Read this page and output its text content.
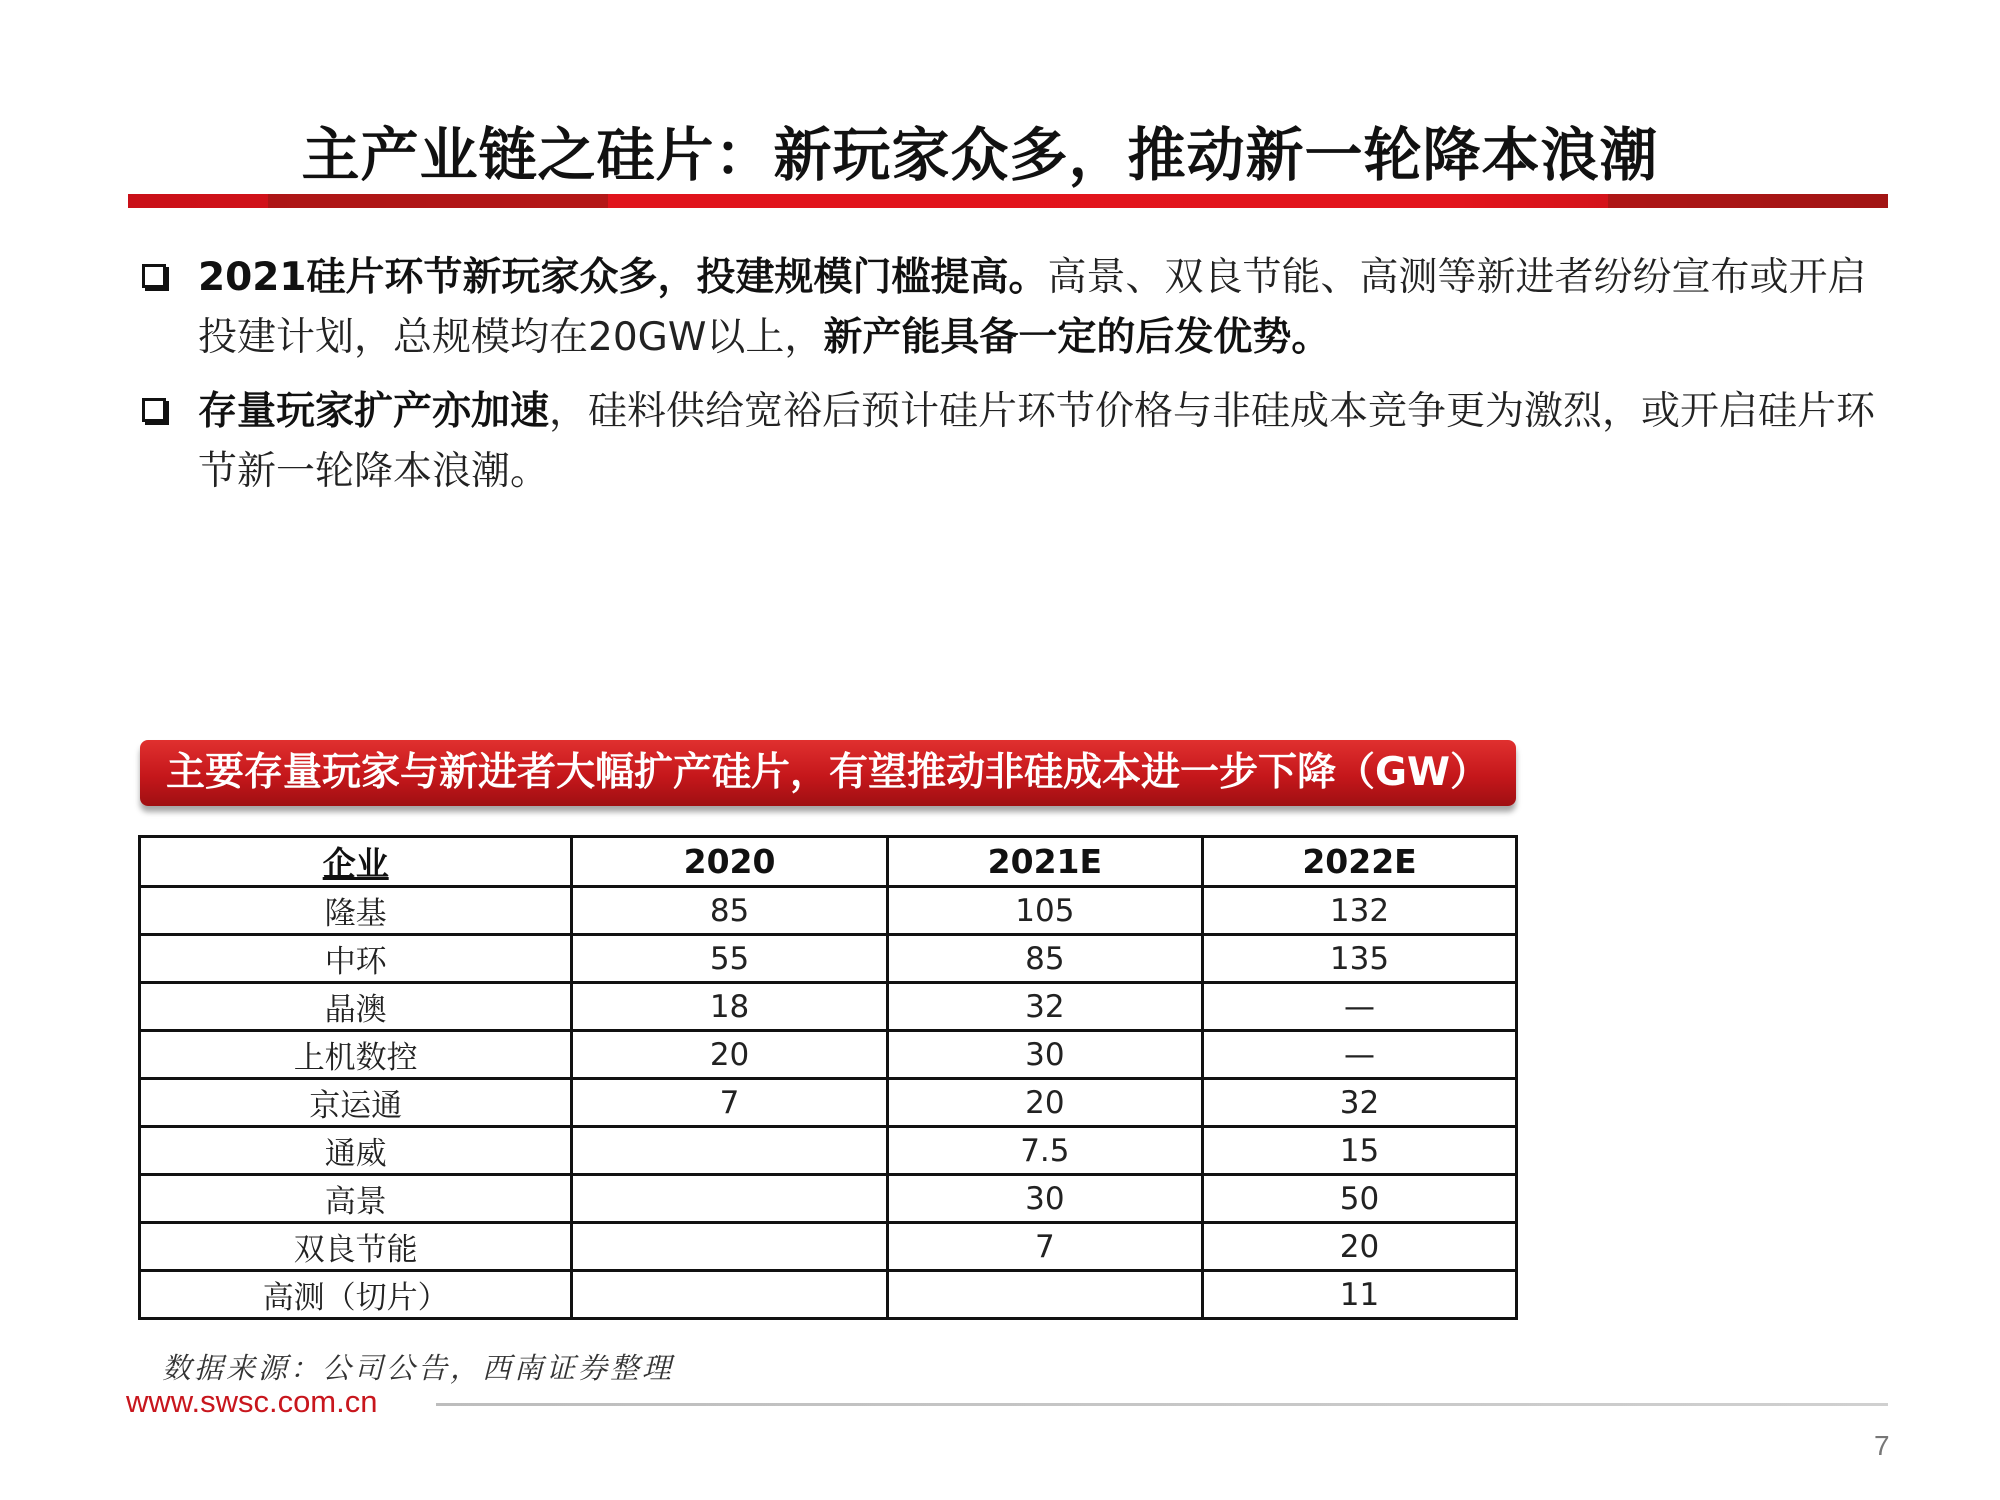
主产业链之硅片：新玩家众多，推动新一轮降本浪潮
2021硅片环节新玩家众多，投建规模门槛提高。高景、双良节能、高测等新进者纷纷宣布或开启投建计划，总规模均在20GW以上，新产能具备一定的后发优势。
存量玩家扩产亦加速，硅料供给宽裕后预计硅片环节价格与非硅成本竞争更为激烈，或开启硅片环节新一轮降本浪潮。
主要存量玩家与新进者大幅扩产硅片，有望推动非硅成本进一步下降（GW）
企业	2020	2021E	2022E
隆基	85	105	132
中环	55	85	135
晶澳	18	32	—
上机数控	20	30	—
京运通	7	20	32
通威		7.5	15
高景		30	50
双良节能		7	20
高测（切片）			11
数据来源：公司公告，西南证券整理
www.swsc.com.cn
7
